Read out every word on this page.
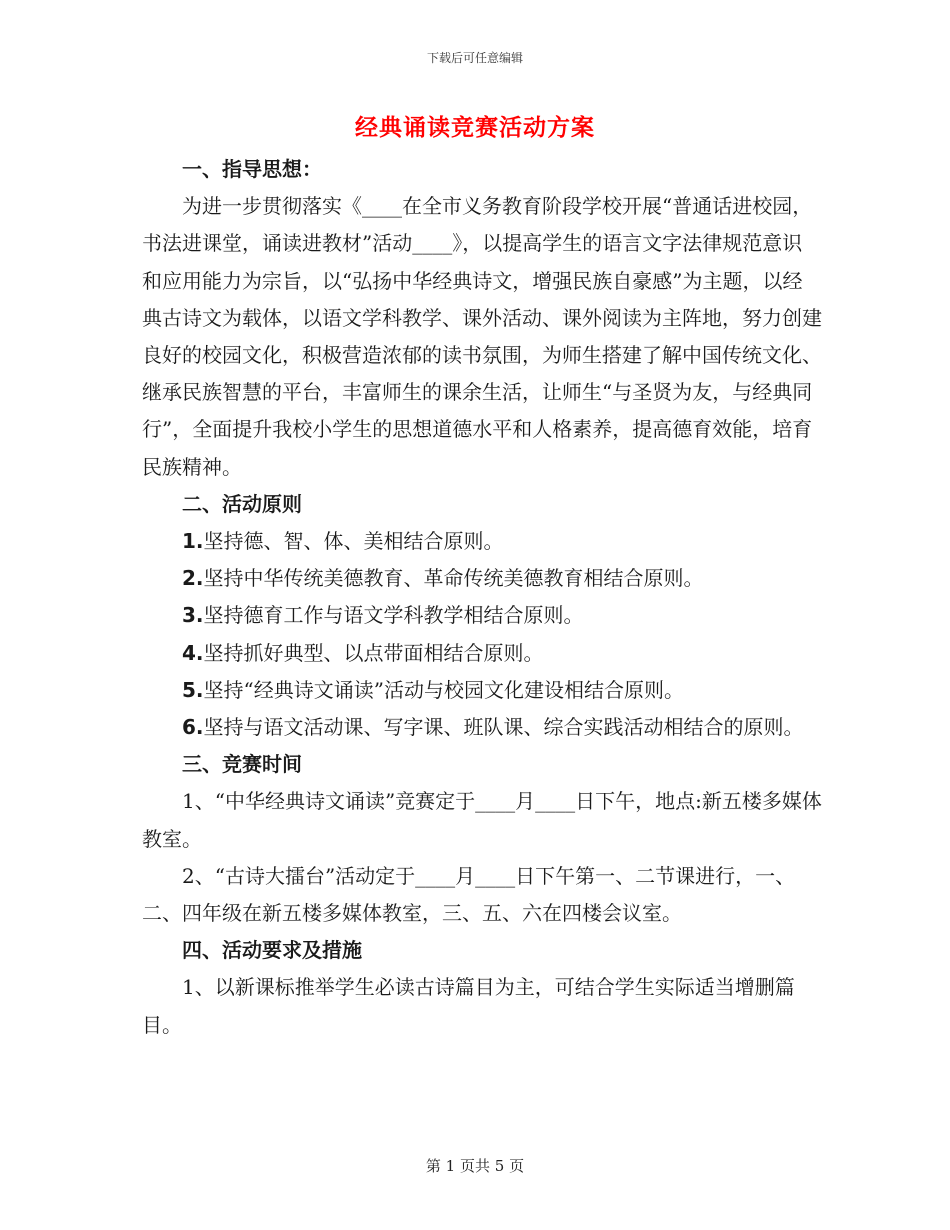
下载后可任意编辑
经典诵读竞赛活动方案

一、指导思想：

为进一步贯彻落实《____在全市义务教育阶段学校开展“普通话进校园，书法进课堂，诵读进教材”活动____》，以提高学生的语言文字法律规范意识和应用能力为宗旨，以“弘扬中华经典诗文，增强民族自豪感”为主题，以经典古诗文为载体，以语文学科教学、课外活动、课外阅读为主阵地，努力创建良好的校园文化，积极营造浓郁的读书氛围，为师生搭建了解中国传统文化、继承民族智慧的平台，丰富师生的课余生活，让师生“与圣贤为友，与经典同行”，全面提升我校小学生的思想道德水平和人格素养，提高德育效能，培育民族精神。

二、活动原则

1.坚持德、智、体、美相结合原则。

2.坚持中华传统美德教育、革命传统美德教育相结合原则。

3.坚持德育工作与语文学科教学相结合原则。

4.坚持抓好典型、以点带面相结合原则。

5.坚持“经典诗文诵读”活动与校园文化建设相结合原则。

6.坚持与语文活动课、写字课、班队课、综合实践活动相结合的原则。

三、竞赛时间

1、“中华经典诗文诵读”竞赛定于____月____日下午，地点:新五楼多媒体教室。

2、“古诗大擂台”活动定于____月____日下午第一、二节课进行，一、二、四年级在新五楼多媒体教室，三、五、六在四楼会议室。

四、活动要求及措施

1、以新课标推举学生必读古诗篇目为主，可结合学生实际适当增删篇目。

第 1 页共 5 页
